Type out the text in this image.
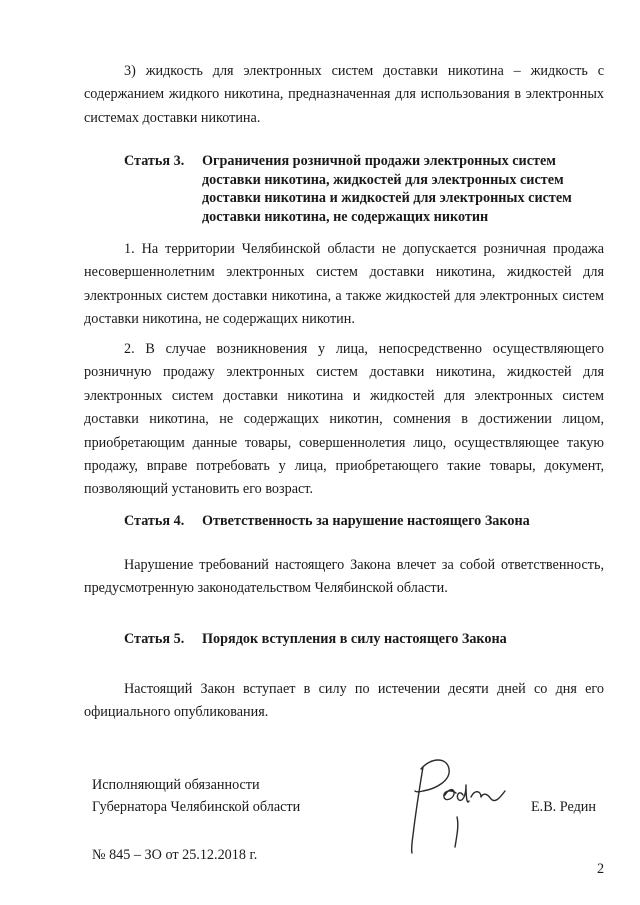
3) жидкость для электронных систем доставки никотина – жидкость с содержанием жидкого никотина, предназначенная для использования в электронных системах доставки никотина.

Статья 3.	Ограничения розничной продажи электронных систем доставки никотина, жидкостей для электронных систем доставки никотина и жидкостей для электронных систем доставки никотина, не содержащих никотин

1. На территории Челябинской области не допускается розничная продажа несовершеннолетним электронных систем доставки никотина, жидкостей для электронных систем доставки никотина, а также жидкостей для электронных систем доставки никотина, не содержащих никотин.

2. В случае возникновения у лица, непосредственно осуществляющего розничную продажу электронных систем доставки никотина, жидкостей для электронных систем доставки никотина и жидкостей для электронных систем доставки никотина, не содержащих никотин, сомнения в достижении лицом, приобретающим данные товары, совершеннолетия лицо, осуществляющее такую продажу, вправе потребовать у лица, приобретающего такие товары, документ, позволяющий установить его возраст.

Статья 4.	Ответственность за нарушение настоящего Закона

Нарушение требований настоящего Закона влечет за собой ответственность, предусмотренную законодательством Челябинской области.

Статья 5.	Порядок вступления в силу настоящего Закона

Настоящий Закон вступает в силу по истечении десяти дней со дня его официального опубликования.

Исполняющий обязанности
Губернатора Челябинской области	Е.В. Редин
№ 845 – ЗО от 25.12.2018 г.
2
